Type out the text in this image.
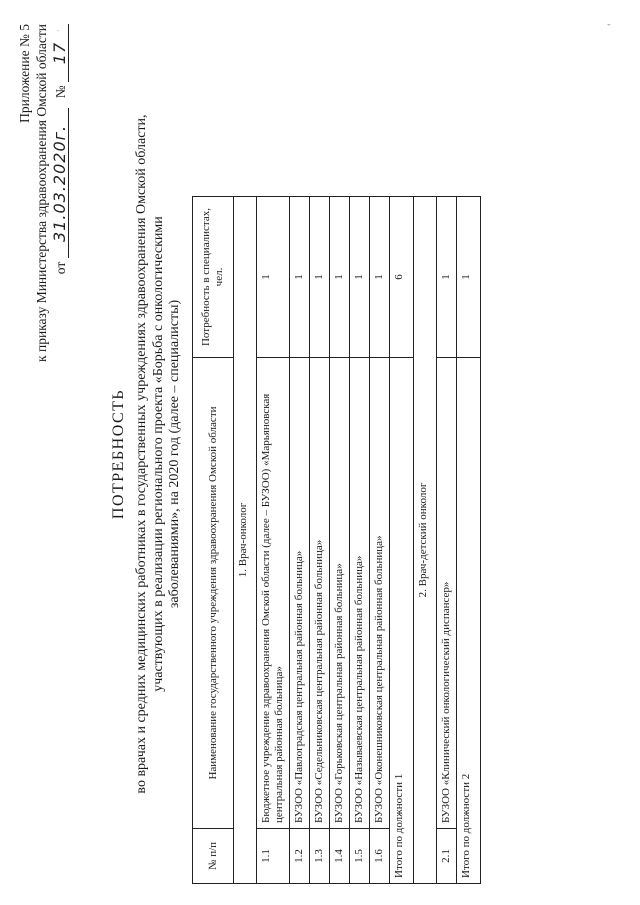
·
‹
Приложение № 5 к приказу Министерства здравоохранения Омской области от 31.03.2020г.   № 17
ПОТРЕБНОСТЬ во врачах и средних медицинских работниках в государственных учреждениях здравоохранения Омской области, участвующих в реализации регионального проекта «Борьба с онкологическими заболеваниями», на 2020 год (далее – специалисты)
№ п/п	Наименование государственного учреждения здравоохранения Омской области	Потребность в специалистах, чел.
1. Врач-онколог		
1.1	Бюджетное учреждение здравоохранения Омской области (далее – БУЗОО) «Марьяновская центральная районная больница»	1
1.2	БУЗОО «Павлоградская центральная районная больница»	1
1.3	БУЗОО «Седельниковская центральная районная больница»	1
1.4	БУЗОО «Горьковская центральная районная больница»	1
1.5	БУЗОО «Называевская центральная районная больница»	1
1.6	БУЗОО «Оконешниковская центральная районная больница»	1
Итого по должности 1		6
2. Врач-детский онколог		
2.1	БУЗОО «Клинический онкологический диспансер»	1
Итого по должности 2		1
